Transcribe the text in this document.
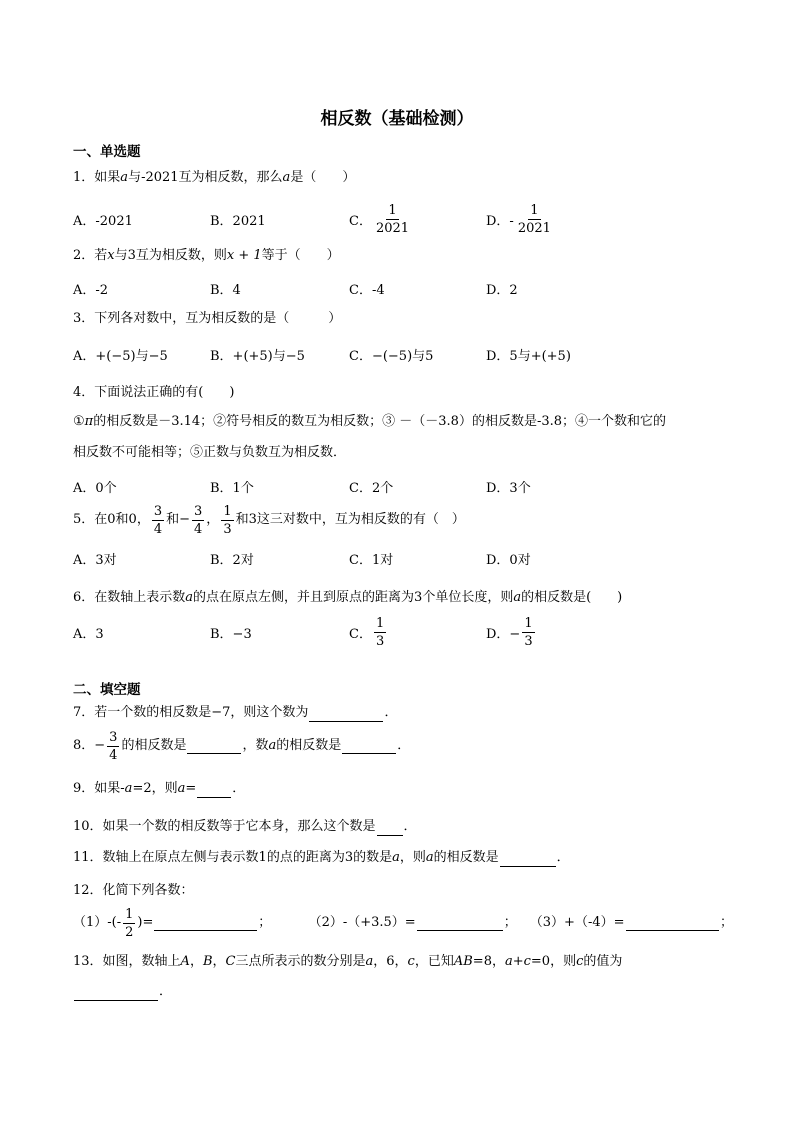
相反数（基础检测）
一、单选题
1．如果a与-2021互为相反数，那么a是（　　）
A．-2021	B．2021	C． $\frac{1}{2021}$	D．- $\frac{1}{2021}$
2．若x与3互为相反数，则x + 1等于（　　）
A．-2	B．4	C．-4	D．2
3．下列各对数中，互为相反数的是（　　　）
A．+(−5)与−5	B．+(+5)与−5	C．−(−5)与5	D．5与+(+5)
4．下面说法正确的有(　　)
①π的相反数是－3.14；②符号相反的数互为相反数；③ －（－3.8）的相反数是-3.8；④一个数和它的
相反数不可能相等；⑤正数与负数互为相反数．
A．0个	B．1个	C．2个	D．3个
5．在0和0， $\frac{3}{4}$ 和− $\frac{3}{4}$ ， $\frac{1}{3}$ 和3这三对数中，互为相反数的有（　）
A．3对	B．2对	C．1对	D．0对
6．在数轴上表示数a的点在原点左侧，并且到原点的距离为3个单位长度，则a的相反数是(　　)
A．3	B．−3	C． $\frac{1}{3}$	D．− $\frac{1}{3}$
二、填空题
7．若一个数的相反数是−7，则这个数为	．
8．− $\frac{3}{4}$ 的相反数是	，数 a 的相反数是	．
9．如果-a=2，则a=	．
10．如果一个数的相反数等于它本身，那么这个数是 ．
11．数轴上在原点左侧与表示数1的点的距离为3的数是a，则a的相反数是	．
12．化简下列各数：
$(1)-(- \frac{1}{2}$ )=	；	（2）-（+3.5）=	； （3）+（-4）=	；
13．如图，数轴上A，B，C三点所表示的数分别是a，6，c，已知AB=8，a+c=0，则c的值为
．
